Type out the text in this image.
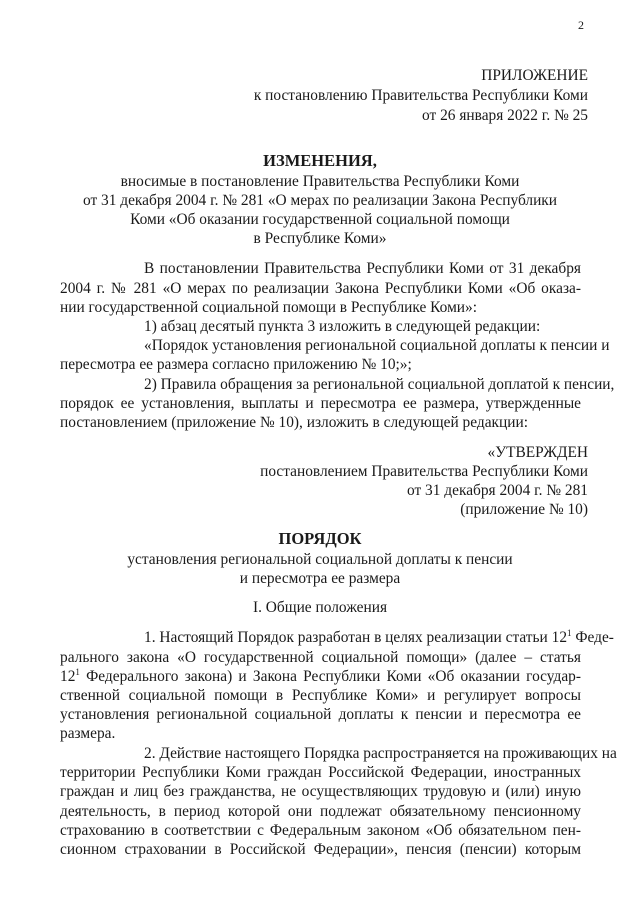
2
ПРИЛОЖЕНИЕ
к постановлению Правительства Республики Коми
от 26 января 2022 г. № 25
ИЗМЕНЕНИЯ,
вносимые в постановление Правительства Республики Коми
от 31 декабря 2004 г. № 281 «О мерах по реализации Закона Республики
Коми «Об оказании государственной социальной помощи
в Республике Коми»
В постановлении Правительства Республики Коми от 31 декабря
2004 г. № 281 «О мерах по реализации Закона Республики Коми «Об оказа-
нии государственной социальной помощи в Республике Коми»:
1) абзац десятый пункта 3 изложить в следующей редакции:
«Порядок установления региональной социальной доплаты к пенсии и
пересмотра ее размера согласно приложению № 10;»;
2) Правила обращения за региональной социальной доплатой к пенсии,
порядок ее установления, выплаты и пересмотра ее размера, утвержденные
постановлением (приложение № 10), изложить в следующей редакции:
«УТВЕРЖДЕН
постановлением Правительства Республики Коми
от 31 декабря 2004 г. № 281
(приложение № 10)
ПОРЯДОК
установления региональной социальной доплаты к пенсии
и пересмотра ее размера
I. Общие положения
1. Настоящий Порядок разработан в целях реализации статьи $12^1$ Феде-
рального закона «О государственной социальной помощи» (далее – статья
$12^1$ Федерального закона) и Закона Республики Коми «Об оказании государ-
ственной социальной помощи в Республике Коми» и регулирует вопросы
установления региональной социальной доплаты к пенсии и пересмотра ее
размера.
2. Действие настоящего Порядка распространяется на проживающих на
территории Республики Коми граждан Российской Федерации, иностранных
граждан и лиц без гражданства, не осуществляющих трудовую и (или) иную
деятельность, в период которой они подлежат обязательному пенсионному
страхованию в соответствии с Федеральным законом «Об обязательном пен-
сионном страховании в Российской Федерации», пенсия (пенсии) которым
